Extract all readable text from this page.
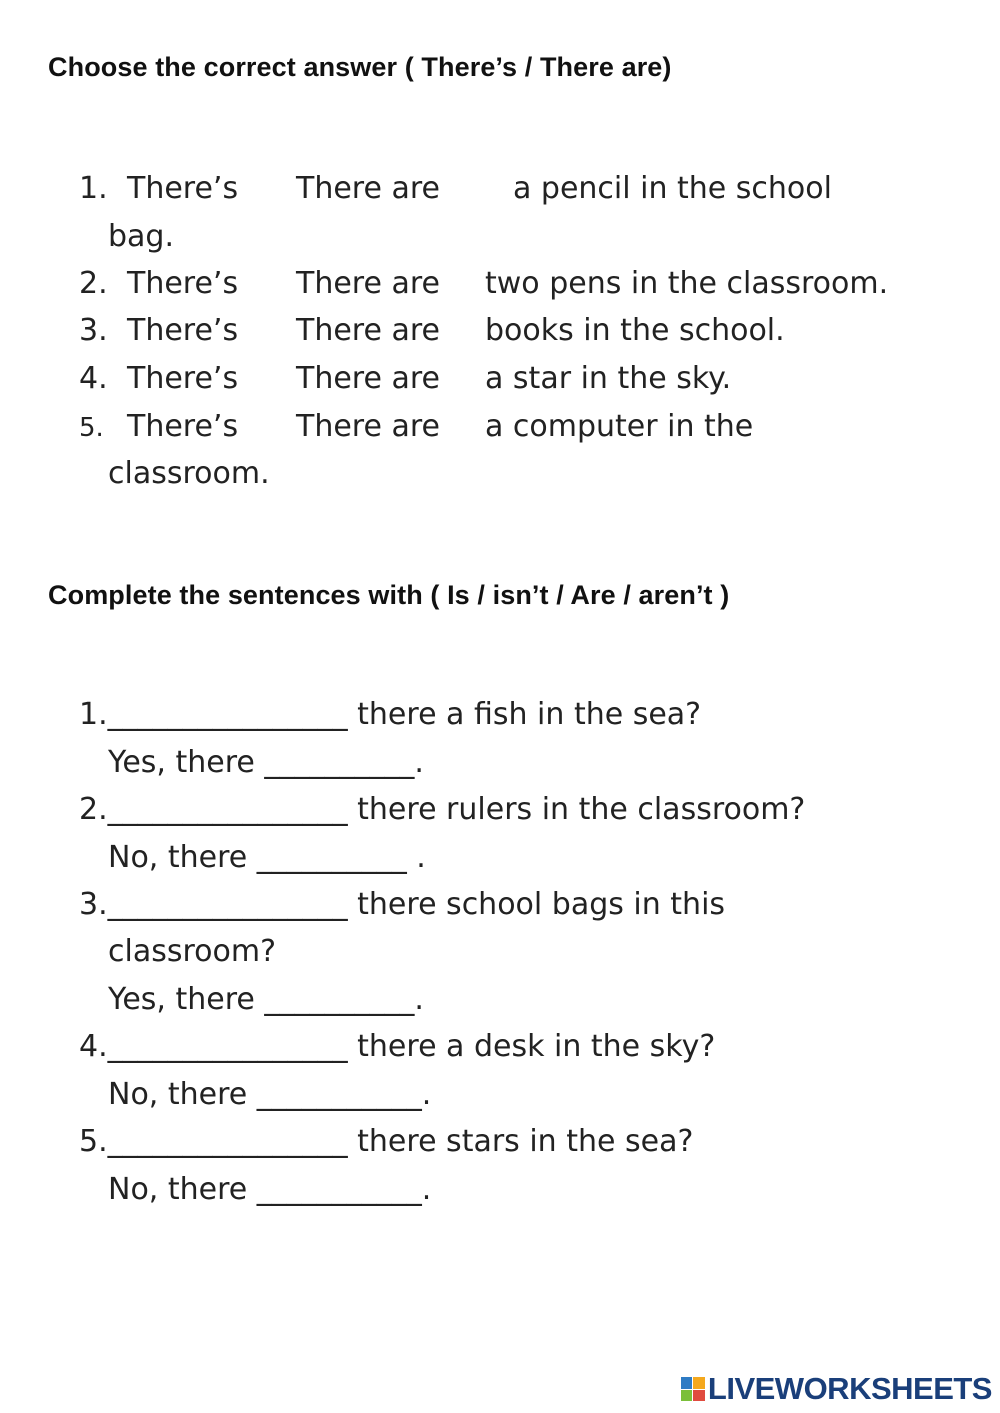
Choose the correct answer ( There’s / There are)
1. There’s There are a pencil in the school
bag.
2. There’s There are two pens in the classroom.
3. There’s There are books in the school.
4. There’s There are a star in the sky.
5. There’s There are a computer in the
classroom.
Complete the sentences with ( Is / isn’t / Are / aren’t )
1.________________ there a fish in the sea?
Yes, there __________.
2.________________ there rulers in the classroom?
No, there __________ .
3.________________ there school bags in this
classroom?
Yes, there __________.
4.________________ there a desk in the sky?
No, there ___________.
5.________________ there stars in the sea?
No, there ___________.
LIVEWORKSHEETS
